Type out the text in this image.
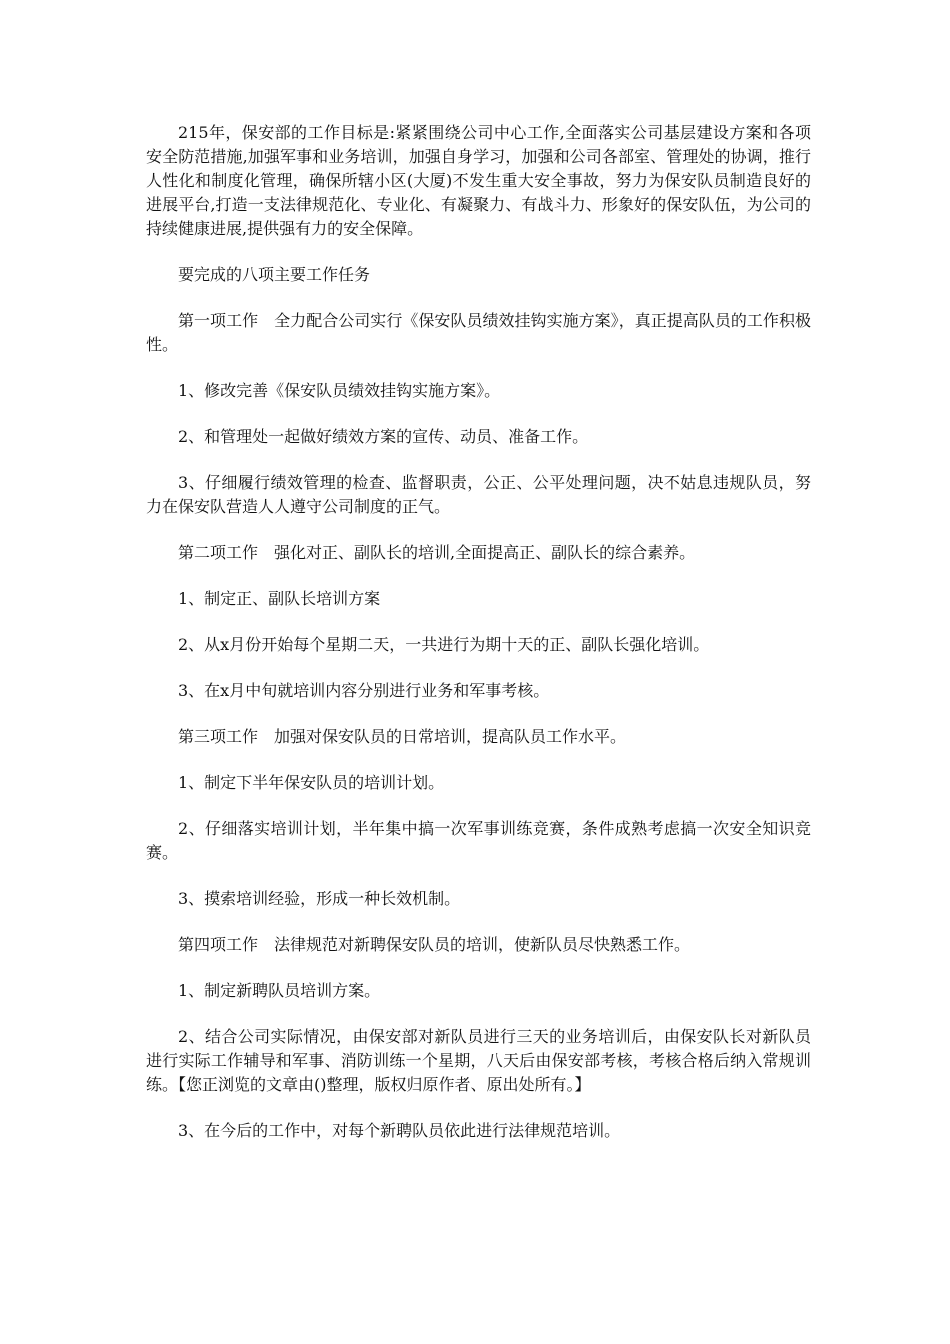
215年，保安部的工作目标是:紧紧围绕公司中心工作,全面落实公司基层建设方案和各项安全防范措施,加强军事和业务培训，加强自身学习，加强和公司各部室、管理处的协调，推行人性化和制度化管理，确保所辖小区(大厦)不发生重大安全事故，努力为保安队员制造良好的进展平台,打造一支法律规范化、专业化、有凝聚力、有战斗力、形象好的保安队伍，为公司的持续健康进展,提供强有力的安全保障。

要完成的八项主要工作任务

第一项工作　全力配合公司实行《保安队员绩效挂钩实施方案》，真正提高队员的工作积极性。

1、修改完善《保安队员绩效挂钩实施方案》。

2、和管理处一起做好绩效方案的宣传、动员、准备工作。

3、仔细履行绩效管理的检查、监督职责，公正、公平处理问题，决不姑息违规队员，努力在保安队营造人人遵守公司制度的正气。

第二项工作　强化对正、副队长的培训,全面提高正、副队长的综合素养。

1、制定正、副队长培训方案

2、从x月份开始每个星期二天，一共进行为期十天的正、副队长强化培训。

3、在x月中旬就培训内容分别进行业务和军事考核。

第三项工作　加强对保安队员的日常培训，提高队员工作水平。

1、制定下半年保安队员的培训计划。

2、仔细落实培训计划，半年集中搞一次军事训练竞赛，条件成熟考虑搞一次安全知识竞赛。

3、摸索培训经验，形成一种长效机制。

第四项工作　法律规范对新聘保安队员的培训，使新队员尽快熟悉工作。

1、制定新聘队员培训方案。

2、结合公司实际情况，由保安部对新队员进行三天的业务培训后，由保安队长对新队员进行实际工作辅导和军事、消防训练一个星期，八天后由保安部考核，考核合格后纳入常规训练。【您正浏览的文章由()整理，版权归原作者、原出处所有。】

3、在今后的工作中，对每个新聘队员依此进行法律规范培训。
